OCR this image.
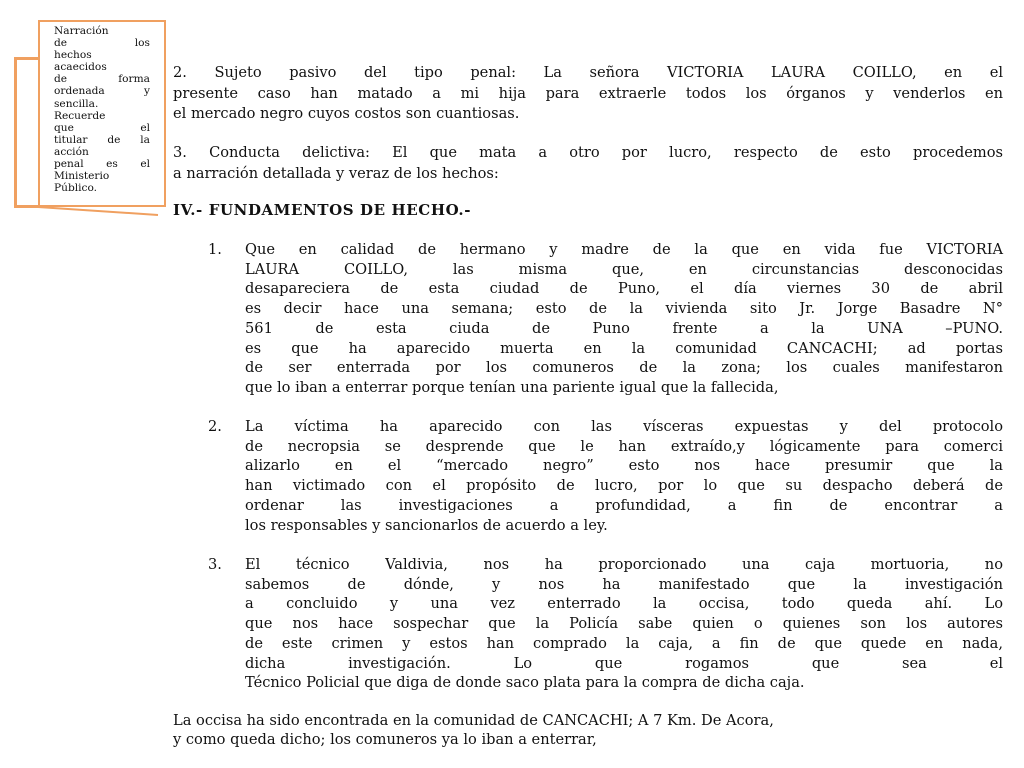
Narración
de los
hechos
acaecidos
de forma
ordenada y
sencilla.
Recuerde
que el
titular de la
acción
penal es el
Ministerio
Público.
2. Sujeto pasivo del tipo penal: La señora VICTORIA LAURA COILLO, en el
presente caso han matado a mi hija para extraerle todos los órganos y venderlos en
el mercado negro cuyos costos son cuantiosas.
3. Conducta delictiva: El que mata a otro por lucro, respecto de esto procedemos
a narración detallada y veraz de los hechos:
IV.- FUNDAMENTOS DE HECHO.-
1. Que en calidad de hermano y madre de la que en vida fue VICTORIA
LAURA COILLO, las misma que, en circunstancias desconocidas
desapareciera de esta ciudad de Puno, el día viernes 30 de abril
es decir hace una semana; esto de la vivienda sito Jr. Jorge Basadre N°
561 de esta ciuda de Puno frente a la UNA –PUNO.
es que ha aparecido muerta en la comunidad CANCACHI; ad portas
de ser enterrada por los comuneros de la zona; los cuales manifestaron
que lo iban a enterrar porque tenían una pariente igual que la fallecida,
2. La víctima ha aparecido con las vísceras expuestas y del protocolo
de necropsia se desprende que le han extraído,y lógicamente para comerci
alizarlo en el “mercado negro” esto nos hace presumir que la
han victimado con el propósito de lucro, por lo que su despacho deberá de
ordenar las investigaciones a profundidad, a fin de encontrar a
los responsables y sancionarlos de acuerdo a ley.
3. El técnico Valdivia, nos ha proporcionado una caja mortuoria, no
sabemos de dónde, y nos ha manifestado que la investigación
a concluido y una vez enterrado la occisa, todo queda ahí. Lo
que nos hace sospechar que la Policía sabe quien o quienes son los autores
de este crimen y estos han comprado la caja, a fin de que quede en nada,
dicha investigación. Lo que rogamos que sea el
Técnico Policial que diga de donde saco plata para la compra de dicha caja.
La occisa ha sido encontrada en la comunidad de CANCACHI; A 7 Km. De Acora,
y como queda dicho; los comuneros ya lo iban a enterrar,
